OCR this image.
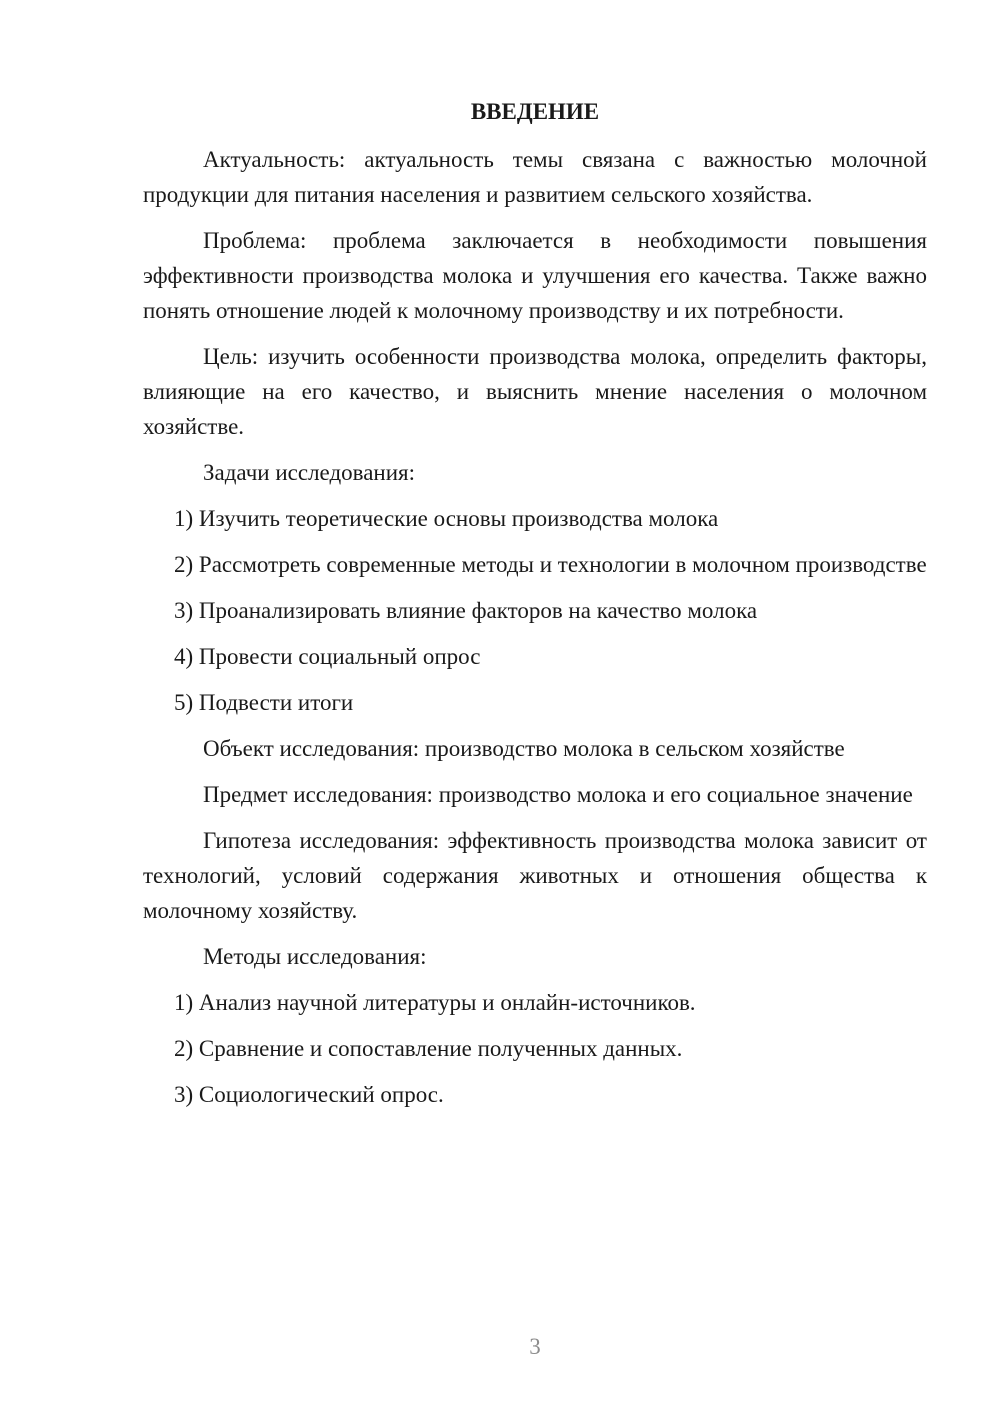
ВВЕДЕНИЕ

Актуальность: актуальность темы связана с важностью молочной продукции для питания населения и развитием сельского хозяйства.

Проблема: проблема заключается в необходимости повышения эффективности производства молока и улучшения его качества. Также важно понять отношение людей к молочному производству и их потребности.

Цель: изучить особенности производства молока, определить факторы, влияющие на его качество, и выяснить мнение населения о молочном хозяйстве.

Задачи исследования:

1) Изучить теоретические основы производства молока

2) Рассмотреть современные методы и технологии в молочном производстве

3) Проанализировать влияние факторов на качество молока

4) Провести социальный опрос

5) Подвести итоги

Объект исследования: производство молока в сельском хозяйстве

Предмет исследования: производство молока и его социальное значение

Гипотеза исследования: эффективность производства молока зависит от технологий, условий содержания животных и отношения общества к молочному хозяйству.

Методы исследования:

1) Анализ научной литературы и онлайн-источников.

2) Сравнение и сопоставление полученных данных.

3) Социологический опрос.

3
